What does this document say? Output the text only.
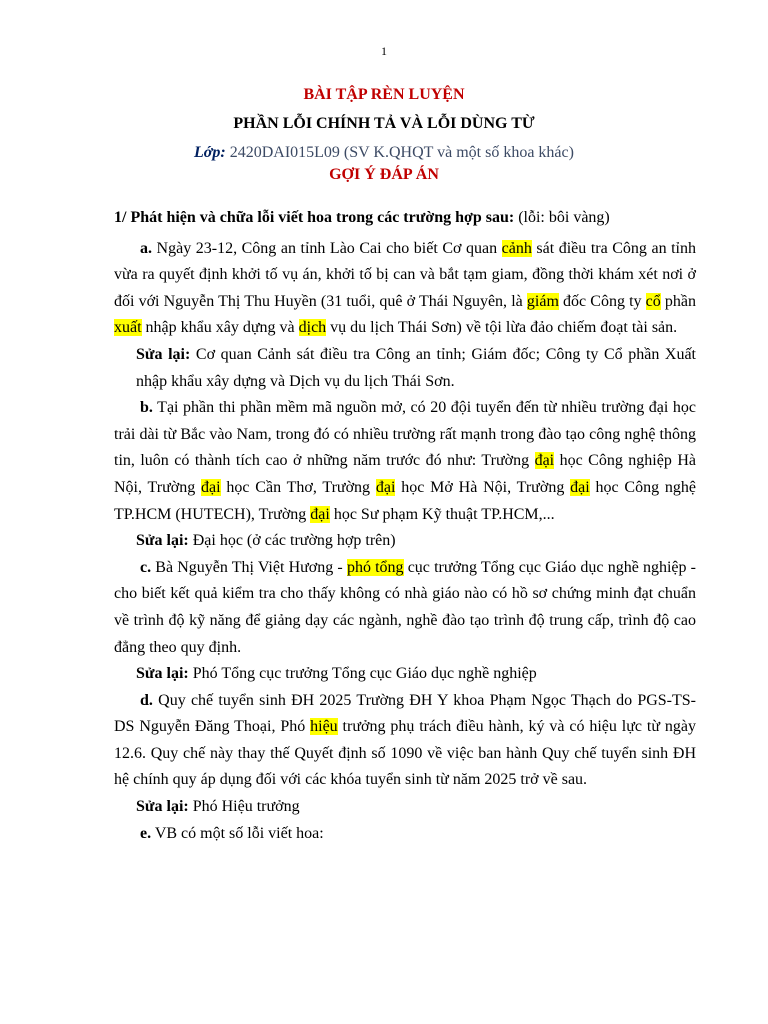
1
BÀI TẬP RÈN LUYỆN
PHẦN LỖI CHÍNH TẢ VÀ LỖI DÙNG TỪ
Lớp: 2420DAI015L09 (SV K.QHQT và một số khoa khác)
GỢI Ý ĐÁP ÁN

1/ Phát hiện và chữa lỗi viết hoa trong các trường hợp sau: (lỗi: bôi vàng)

a. Ngày 23-12, Công an tỉnh Lào Cai cho biết Cơ quan cảnh sát điều tra Công an tỉnh vừa ra quyết định khởi tố vụ án, khởi tố bị can và bắt tạm giam, đồng thời khám xét nơi ở đối với Nguyễn Thị Thu Huyền (31 tuổi, quê ở Thái Nguyên, là giám đốc Công ty cổ phần xuất nhập khẩu xây dựng và dịch vụ du lịch Thái Sơn) về tội lừa đảo chiếm đoạt tài sản.

Sửa lại: Cơ quan Cảnh sát điều tra Công an tỉnh; Giám đốc; Công ty Cổ phần Xuất nhập khẩu xây dựng và Dịch vụ du lịch Thái Sơn.

b. Tại phần thi phần mềm mã nguồn mở, có 20 đội tuyển đến từ nhiều trường đại học trải dài từ Bắc vào Nam, trong đó có nhiều trường rất mạnh trong đào tạo công nghệ thông tin, luôn có thành tích cao ở những năm trước đó như: Trường đại học Công nghiệp Hà Nội, Trường đại học Cần Thơ, Trường đại học Mở Hà Nội, Trường đại học Công nghệ TP.HCM (HUTECH), Trường đại học Sư phạm Kỹ thuật TP.HCM,...

Sửa lại: Đại học (ở các trường hợp trên)

c. Bà Nguyễn Thị Việt Hương - phó tổng cục trưởng Tổng cục Giáo dục nghề nghiệp - cho biết kết quả kiểm tra cho thấy không có nhà giáo nào có hồ sơ chứng minh đạt chuẩn về trình độ kỹ năng để giảng dạy các ngành, nghề đào tạo trình độ trung cấp, trình độ cao đẳng theo quy định.

Sửa lại: Phó Tổng cục trưởng Tổng cục Giáo dục nghề nghiệp

d. Quy chế tuyển sinh ĐH 2025 Trường ĐH Y khoa Phạm Ngọc Thạch do PGS-TS-DS Nguyễn Đăng Thoại, Phó hiệu trưởng phụ trách điều hành, ký và có hiệu lực từ ngày 12.6. Quy chế này thay thế Quyết định số 1090 về việc ban hành Quy chế tuyển sinh ĐH hệ chính quy áp dụng đối với các khóa tuyển sinh từ năm 2025 trở về sau.

Sửa lại: Phó Hiệu trưởng

e. VB có một số lỗi viết hoa:
